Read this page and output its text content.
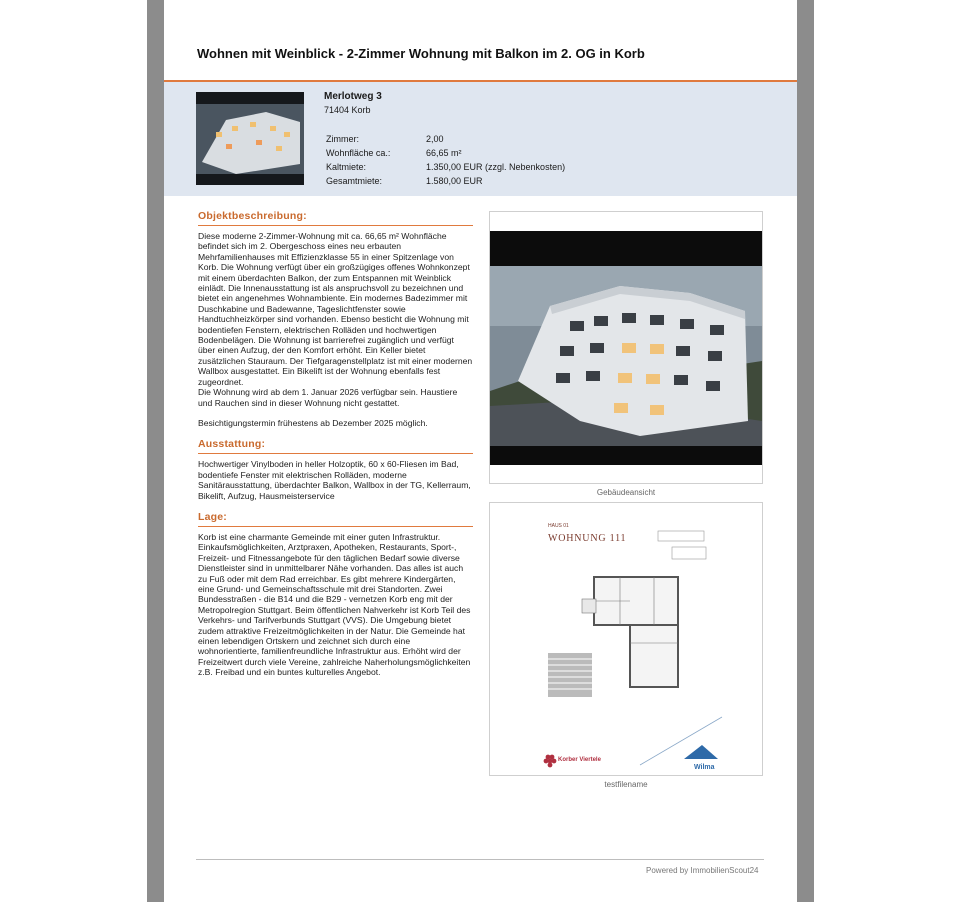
Wohnen mit Weinblick - 2-Zimmer Wohnung mit Balkon im 2. OG in Korb
Merlotweg 3
71404 Korb
Zimmer:	2,00
Wohnfläche ca.:	66,65 m²
Kaltmiete:	1.350,00 EUR (zzgl. Nebenkosten)
Gesamtmiete:	1.580,00 EUR
Objektbeschreibung:

Diese moderne 2-Zimmer-Wohnung mit ca. 66,65 m² Wohnfläche befindet sich im 2. Obergeschoss eines neu erbauten Mehrfamilienhauses mit Effizienzklasse 55 in einer Spitzenlage von Korb. Die Wohnung verfügt über ein großzügiges offenes Wohnkonzept mit einem überdachten Balkon, der zum Entspannen mit Weinblick einlädt. Die Innenausstattung ist als anspruchsvoll zu bezeichnen und bietet ein angenehmes Wohnambiente. Ein modernes Badezimmer mit Duschkabine und Badewanne, Tageslichtfenster sowie Handtuchheizkörper sind vorhanden. Ebenso besticht die Wohnung mit bodentiefen Fenstern, elektrischen Rolläden und hochwertigen Bodenbelägen. Die Wohnung ist barrierefrei zugänglich und verfügt über einen Aufzug, der den Komfort erhöht. Ein Keller bietet zusätzlichen Stauraum. Der Tiefgaragenstellplatz ist mit einer modernen Wallbox ausgestattet. Ein Bikelift ist der Wohnung ebenfalls fest zugeordnet.

Die Wohnung wird ab dem 1. Januar 2026 verfügbar sein. Haustiere und Rauchen sind in dieser Wohnung nicht gestattet.

Besichtigungstermin frühestens ab Dezember 2025 möglich.

Ausstattung:
Hochwertiger Vinylboden in heller Holzoptik, 60 x 60-Fliesen im Bad, bodentiefe Fenster mit elektrischen Rolläden, moderne Sanitärausstattung, überdachter Balkon, Wallbox in der TG, Kellerraum, Bikelift, Aufzug, Hausmeisterservice
Lage:
Korb ist eine charmante Gemeinde mit einer guten Infrastruktur. Einkaufsmöglichkeiten, Arztpraxen, Apotheken, Restaurants, Sport-, Freizeit- und Fitnessangebote für den täglichen Bedarf sowie diverse Dienstleister sind in unmittelbarer Nähe vorhanden. Das alles ist auch zu Fuß oder mit dem Rad erreichbar. Es gibt mehrere Kindergärten, eine Grund- und Gemeinschaftsschule mit drei Standorten. Zwei Bundesstraßen - die B14 und die B29 - vernetzen Korb eng mit der Metropolregion Stuttgart. Beim öffentlichen Nahverkehr ist Korb Teil des Verkehrs- und Tarifverbunds Stuttgart (VVS). Die Umgebung bietet zudem attraktive Freizeitmöglichkeiten in der Natur. Die Gemeinde hat einen lebendigen Ortskern und zeichnet sich durch eine wohnorientierte, familienfreundliche Infrastruktur aus. Erhöht wird der Freizeitwert durch viele Vereine, zahlreiche Naherholungsmöglichkeiten z.B. Freibad und ein buntes kulturelles Angebot.
Gebäudeansicht
HAUS 01
WOHNUNG 111
Korber Viertele
Wilma
testfilename
Powered by ImmobilienScout24
